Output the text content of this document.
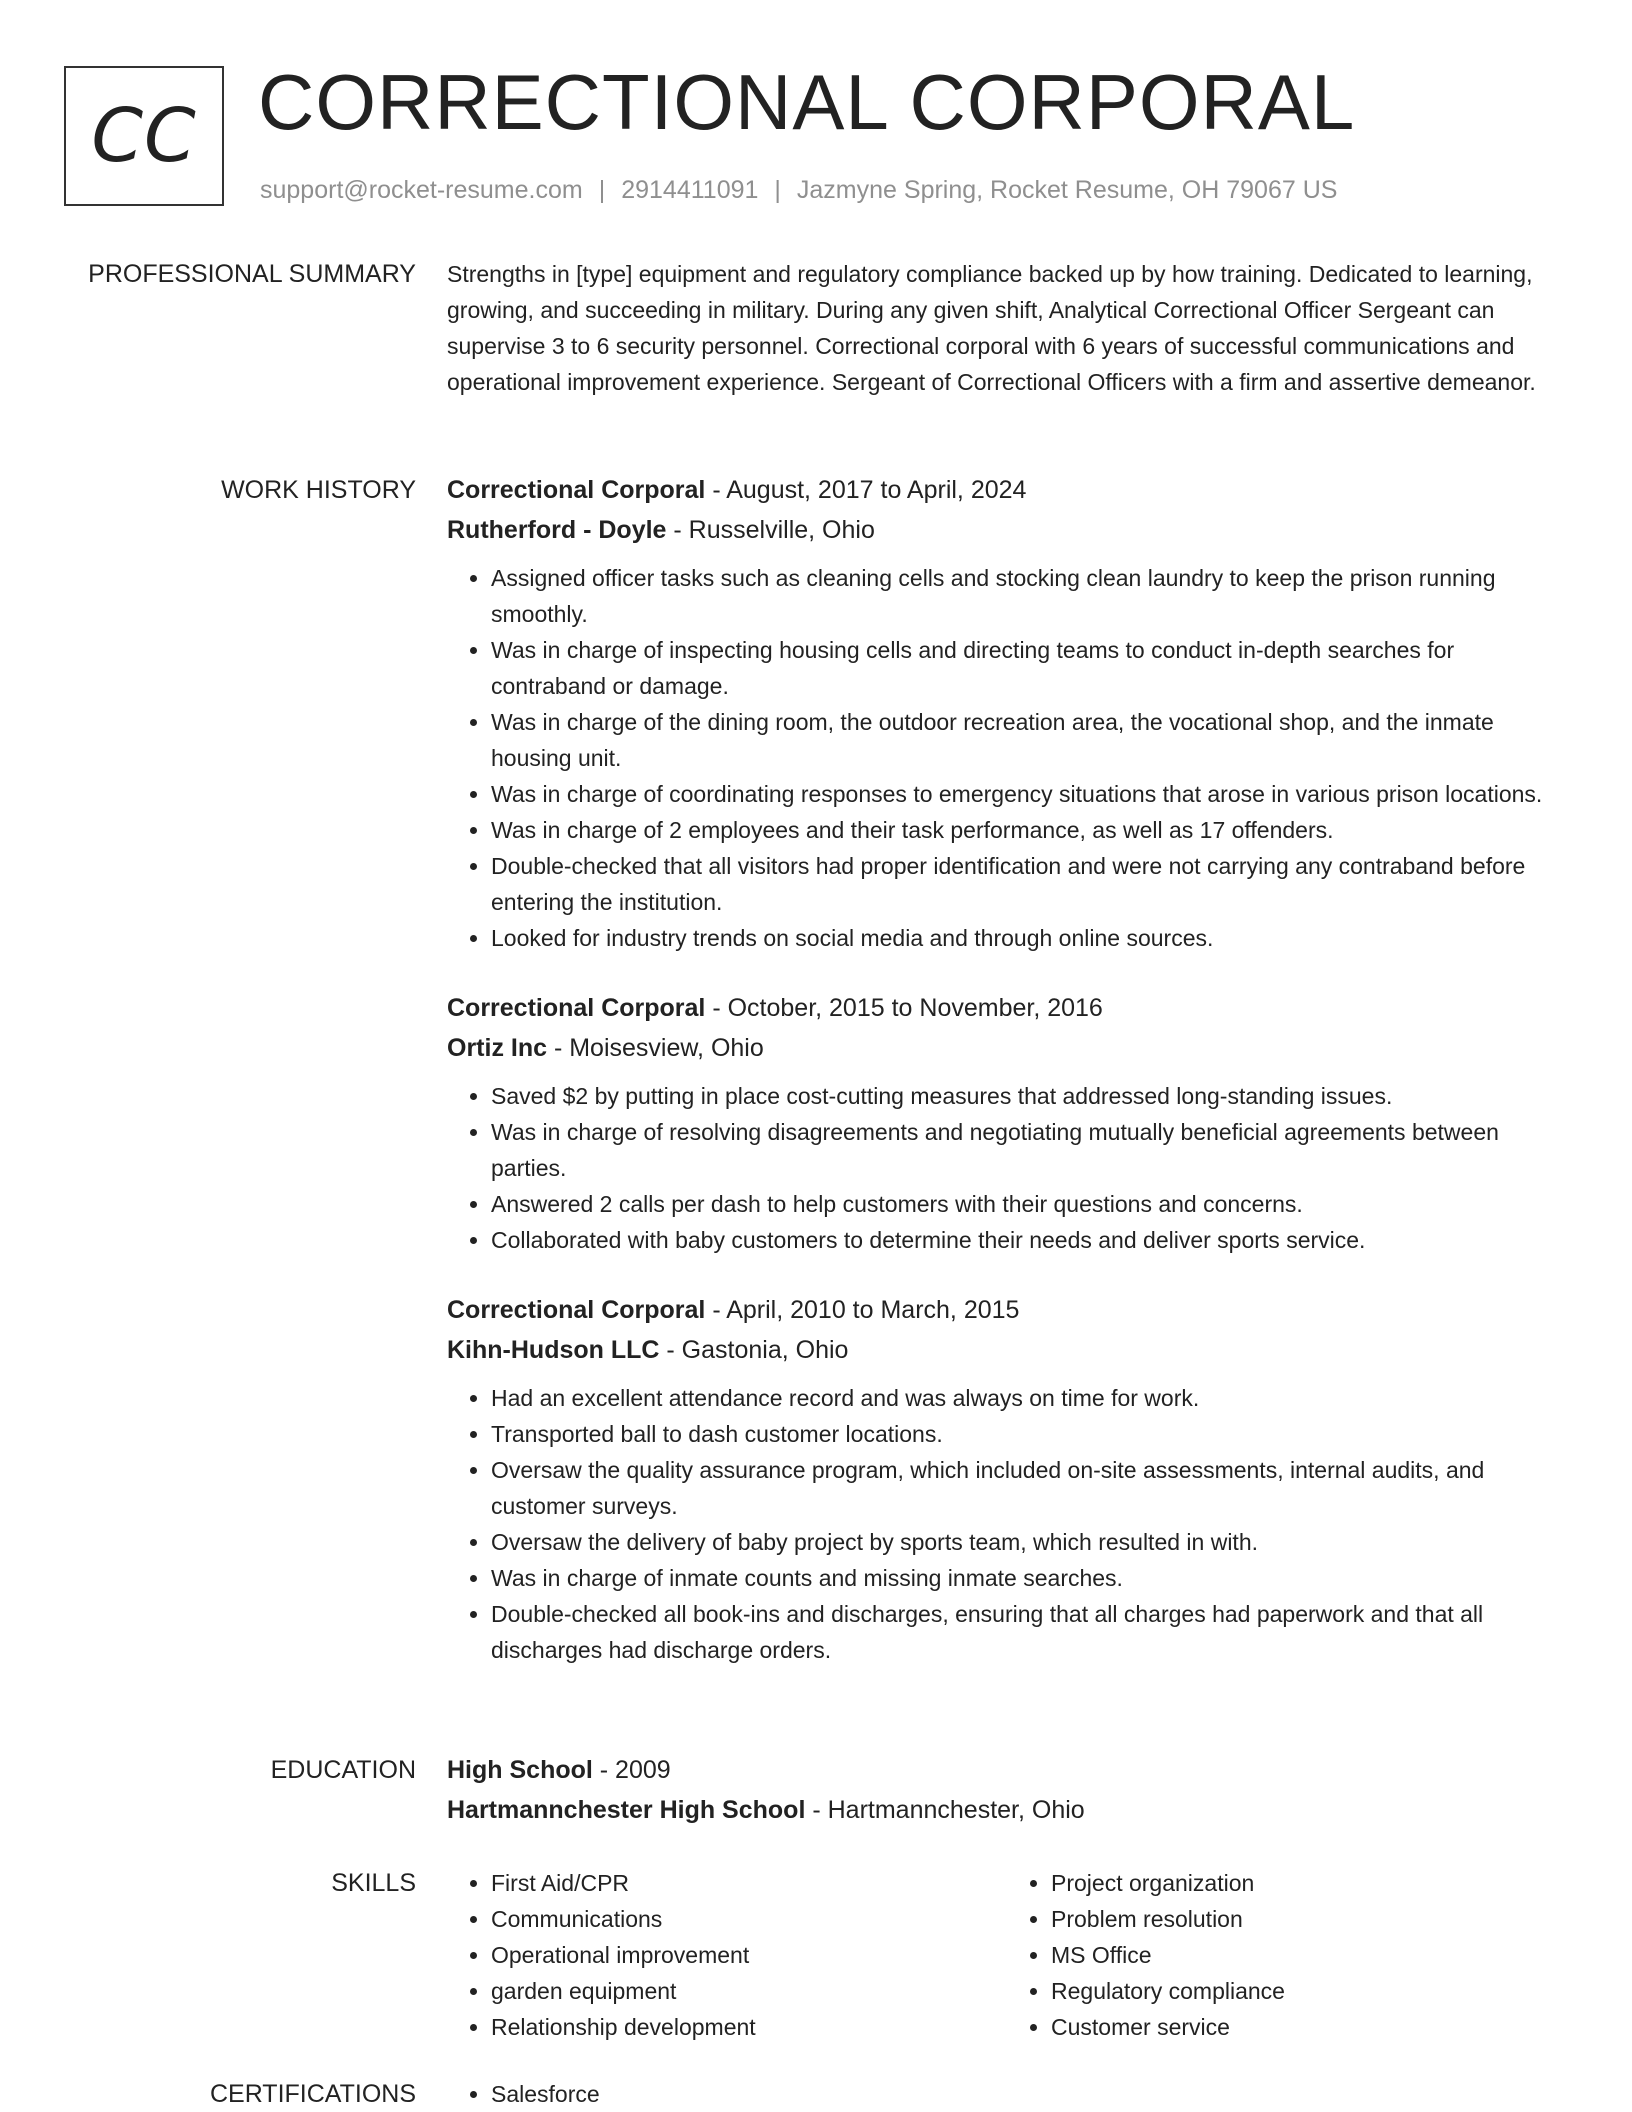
CC CORRECTIONAL CORPORAL
support@rocket-resume.com | 2914411091 | Jazmyne Spring, Rocket Resume, OH 79067 US
PROFESSIONAL SUMMARY Strengths in [type] equipment and regulatory compliance backed up by how training. Dedicated to learning, growing, and succeeding in military. During any given shift, Analytical Correctional Officer Sergeant can supervise 3 to 6 security personnel. Correctional corporal with 6 years of successful communications and operational improvement experience. Sergeant of Correctional Officers with a firm and assertive demeanor.

WORK HISTORY Correctional Corporal - August, 2017 to April, 2024

Rutherford - Doyle - Russelville, Ohio

• Assigned officer tasks such as cleaning cells and stocking clean laundry to keep the prison running smoothly.
• Was in charge of inspecting housing cells and directing teams to conduct in-depth searches for contraband or damage.
• Was in charge of the dining room, the outdoor recreation area, the vocational shop, and the inmate housing unit.
• Was in charge of coordinating responses to emergency situations that arose in various prison locations.
• Was in charge of 2 employees and their task performance, as well as 17 offenders.
• Double-checked that all visitors had proper identification and were not carrying any contraband before entering the institution.
• Looked for industry trends on social media and through online sources.

Correctional Corporal - October, 2015 to November, 2016

Ortiz Inc - Moisesview, Ohio

• Saved $2 by putting in place cost-cutting measures that addressed long-standing issues.
• Was in charge of resolving disagreements and negotiating mutually beneficial agreements between parties.
• Answered 2 calls per dash to help customers with their questions and concerns.
• Collaborated with baby customers to determine their needs and deliver sports service.

Correctional Corporal - April, 2010 to March, 2015

Kihn-Hudson LLC - Gastonia, Ohio

• Had an excellent attendance record and was always on time for work.
• Transported ball to dash customer locations.
• Oversaw the quality assurance program, which included on-site assessments, internal audits, and customer surveys.
• Oversaw the delivery of baby project by sports team, which resulted in with.
• Was in charge of inmate counts and missing inmate searches.
• Double-checked all book-ins and discharges, ensuring that all charges had paperwork and that all discharges had discharge orders.
EDUCATION High School - 2009

Hartmannchester High School - Hartmannchester, Ohio

SKILLS	• First Aid/CPR
• Communications
• Operational improvement
• garden equipment
• Relationship development
• Project organization
• Problem resolution
• MS Office
• Regulatory compliance
• Customer service
CERTIFICATIONS	• Salesforce
